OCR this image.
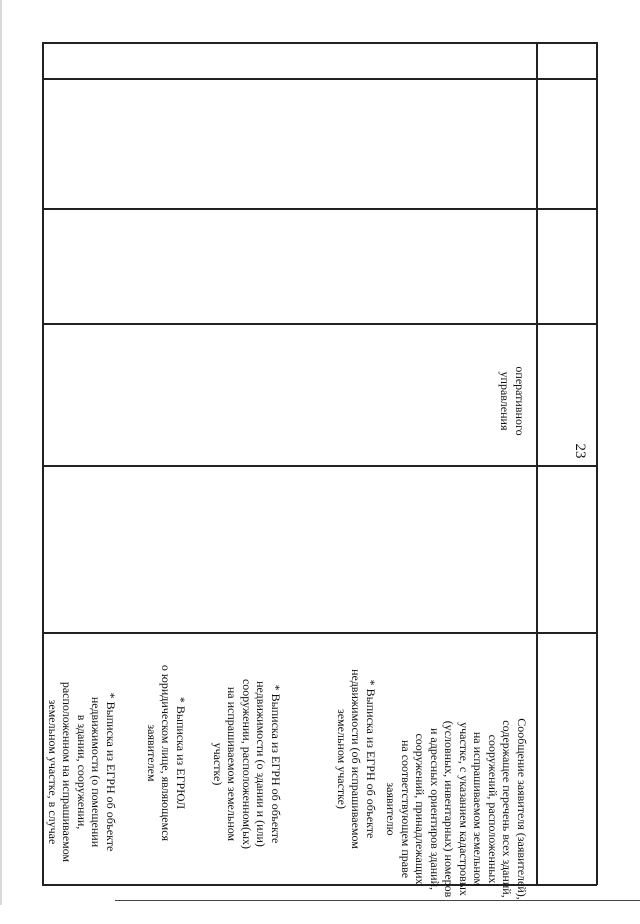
23
оперативного
управления
Сообщение заявителя (заявителей),
содержащее перечень всех зданий,
сооружений, расположенных
на испрашиваемом земельном
участке, с указанием кадастровых
(условных, инвентарных) номеров
и адресных ориентиров зданий,
сооружений, принадлежащих
на соответствующем праве
заявителю
* Выписка из ЕГРН об объекте
недвижимости (об испрашиваемом
земельном участке)
* Выписка из ЕГРН об объекте
недвижимости (о здании и (или)
сооружении, расположенном(ых)
на испрашиваемом земельном
участке)
* Выписка из ЕГРЮЛ
о юридическом лице, являющемся
заявителем
* Выписка из ЕГРН об объекте
недвижимости (о помещении
в здании, сооружении,
расположенном на испрашиваемом
земельном участке, в случае
